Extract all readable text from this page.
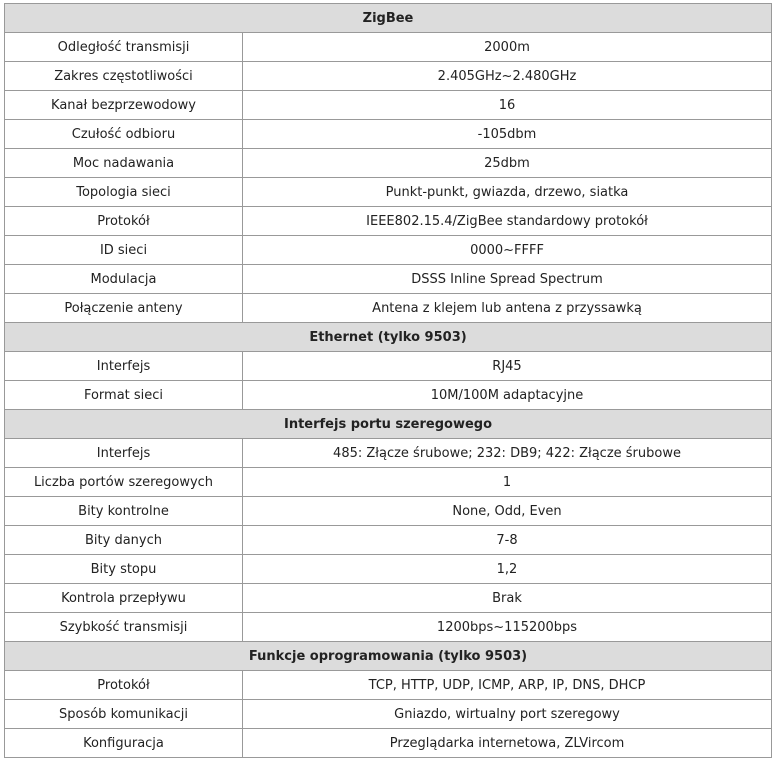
ZigBee	
Odległość transmisji	2000m
Zakres częstotliwości	2.405GHz~2.480GHz
Kanał bezprzewodowy	16
Czułość odbioru	-105dbm
Moc nadawania	25dbm
Topologia sieci	Punkt-punkt, gwiazda, drzewo, siatka
Protokół	IEEE802.15.4/ZigBee standardowy protokół
ID sieci	0000~FFFF
Modulacja	DSSS Inline Spread Spectrum
Połączenie anteny	Antena z klejem lub antena z przyssawką
Ethernet (tylko 9503)	
Interfejs	RJ45
Format sieci	10M/100M adaptacyjne
Interfejs portu szeregowego	
Interfejs	485: Złącze śrubowe; 232: DB9; 422: Złącze śrubowe
Liczba portów szeregowych	1
Bity kontrolne	None, Odd, Even
Bity danych	7-8
Bity stopu	1,2
Kontrola przepływu	Brak
Szybkość transmisji	1200bps~115200bps
Funkcje oprogramowania (tylko 9503)	
Protokół	TCP, HTTP, UDP, ICMP, ARP, IP, DNS, DHCP
Sposób komunikacji	Gniazdo, wirtualny port szeregowy
Konfiguracja	Przeglądarka internetowa, ZLVircom
